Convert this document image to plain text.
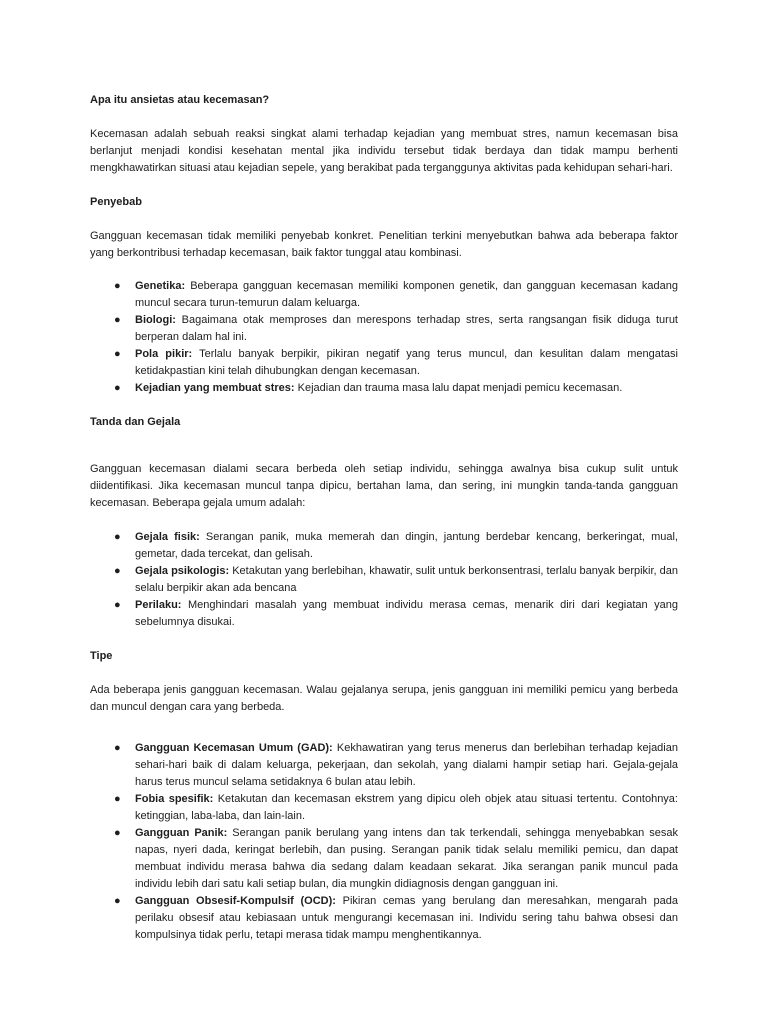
Apa itu ansietas atau kecemasan?

Kecemasan adalah sebuah reaksi singkat alami terhadap kejadian yang membuat stres, namun kecemasan bisa berlanjut menjadi kondisi kesehatan mental jika individu tersebut tidak berdaya dan tidak mampu berhenti mengkhawatirkan situasi atau kejadian sepele, yang berakibat pada terganggunya aktivitas pada kehidupan sehari-hari.

Penyebab

Gangguan kecemasan tidak memiliki penyebab konkret. Penelitian terkini menyebutkan bahwa ada beberapa faktor yang berkontribusi terhadap kecemasan, baik faktor tunggal atau kombinasi.

● Genetika: Beberapa gangguan kecemasan memiliki komponen genetik, dan gangguan kecemasan kadang muncul secara turun-temurun dalam keluarga.
● Biologi: Bagaimana otak memproses dan merespons terhadap stres, serta rangsangan fisik diduga turut berperan dalam hal ini.
● Pola pikir: Terlalu banyak berpikir, pikiran negatif yang terus muncul, dan kesulitan dalam mengatasi ketidakpastian kini telah dihubungkan dengan kecemasan.
● Kejadian yang membuat stres: Kejadian dan trauma masa lalu dapat menjadi pemicu kecemasan.

Tanda dan Gejala

Gangguan kecemasan dialami secara berbeda oleh setiap individu, sehingga awalnya bisa cukup sulit untuk diidentifikasi. Jika kecemasan muncul tanpa dipicu, bertahan lama, dan sering, ini mungkin tanda-tanda gangguan kecemasan. Beberapa gejala umum adalah:

● Gejala fisik: Serangan panik, muka memerah dan dingin, jantung berdebar kencang, berkeringat, mual, gemetar, dada tercekat, dan gelisah.
● Gejala psikologis: Ketakutan yang berlebihan, khawatir, sulit untuk berkonsentrasi, terlalu banyak berpikir, dan selalu berpikir akan ada bencana
● Perilaku: Menghindari masalah yang membuat individu merasa cemas, menarik diri dari kegiatan yang sebelumnya disukai.

Tipe

Ada beberapa jenis gangguan kecemasan. Walau gejalanya serupa, jenis gangguan ini memiliki pemicu yang berbeda dan muncul dengan cara yang berbeda.

● Gangguan Kecemasan Umum (GAD): Kekhawatiran yang terus menerus dan berlebihan terhadap kejadian sehari-hari baik di dalam keluarga, pekerjaan, dan sekolah, yang dialami hampir setiap hari. Gejala-gejala harus terus muncul selama setidaknya 6 bulan atau lebih.
● Fobia spesifik: Ketakutan dan kecemasan ekstrem yang dipicu oleh objek atau situasi tertentu. Contohnya: ketinggian, laba-laba, dan lain-lain.
● Gangguan Panik: Serangan panik berulang yang intens dan tak terkendali, sehingga menyebabkan sesak napas, nyeri dada, keringat berlebih, dan pusing. Serangan panik tidak selalu memiliki pemicu, dan dapat membuat individu merasa bahwa dia sedang dalam keadaan sekarat. Jika serangan panik muncul pada individu lebih dari satu kali setiap bulan, dia mungkin didiagnosis dengan gangguan ini.
● Gangguan Obsesif-Kompulsif (OCD): Pikiran cemas yang berulang dan meresahkan, mengarah pada perilaku obsesif atau kebiasaan untuk mengurangi kecemasan ini. Individu sering tahu bahwa obsesi dan kompulsinya tidak perlu, tetapi merasa tidak mampu menghentikannya.
